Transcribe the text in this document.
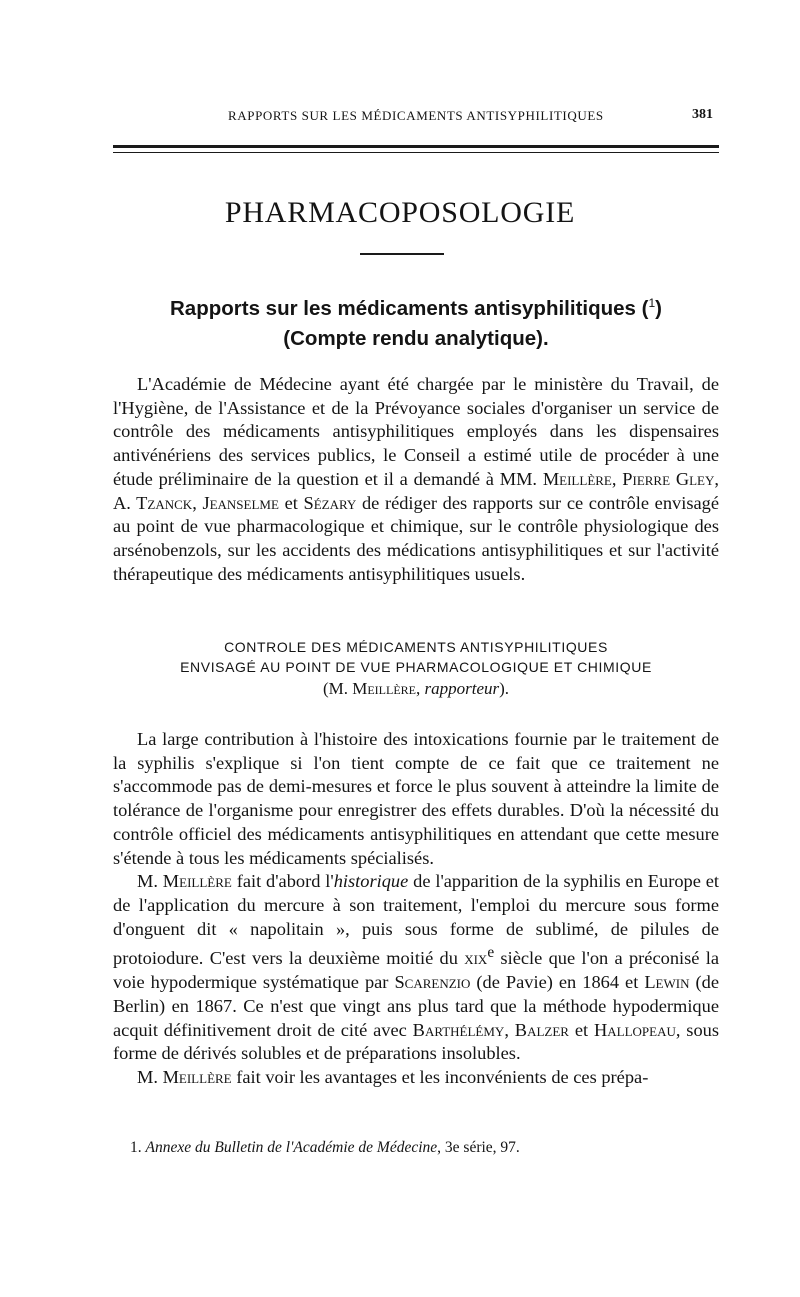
RAPPORTS SUR LES MÉDICAMENTS ANTISYPHILITIQUES	381
PHARMACOPOSOLOGIE
Rapports sur les médicaments antisyphilitiques ($^1$)
(Compte rendu analytique).

L'Académie de Médecine ayant été chargée par le ministère du Travail, de l'Hygiène, de l'Assistance et de la Prévoyance sociales d'organiser un service de contrôle des médicaments antisyphilitiques employés dans les dispensaires antivénériens des services publics, le Conseil a estimé utile de procéder à une étude préliminaire de la question et il a demandé à MM. Meillère, Pierre Gley, A. Tzanck, Jeanselme et Sézary de rédiger des rapports sur ce contrôle envisagé au point de vue pharmacologique et chimique, sur le contrôle physiologique des arsénobenzols, sur les accidents des médications antisyphilitiques et sur l'activité thérapeutique des médicaments antisyphilitiques usuels.

CONTROLE DES MÉDICAMENTS ANTISYPHILITIQUES
ENVISAGÉ AU POINT DE VUE PHARMACOLOGIQUE ET CHIMIQUE
(M. Meillère, rapporteur).

La large contribution à l'histoire des intoxications fournie par le traitement de la syphilis s'explique si l'on tient compte de ce fait que ce traitement ne s'accommode pas de demi-mesures et force le plus souvent à atteindre la limite de tolérance de l'organisme pour enregistrer des effets durables. D'où la nécessité du contrôle officiel des médicaments antisyphilitiques en attendant que cette mesure s'étende à tous les médicaments spécialisés.

M. Meillère fait d'abord l'historique de l'apparition de la syphilis en Europe et de l'application du mercure à son traitement, l'emploi du mercure sous forme d'onguent dit « napolitain », puis sous forme de sublimé, de pilules de protoiodure. C'est vers la deuxième moitié du xix$^e$ siècle que l'on a préconisé la voie hypodermique systématique par Scarenzio (de Pavie) en 1864 et Lewin (de Berlin) en 1867. Ce n'est que vingt ans plus tard que la méthode hypodermique acquit définitivement droit de cité avec Barthélémy, Balzer et Hallopeau, sous forme de dérivés solubles et de préparations insolubles.

M. Meillère fait voir les avantages et les inconvénients de ces prépa-

1. Annexe du Bulletin de l'Académie de Médecine, 3e série, 97.
